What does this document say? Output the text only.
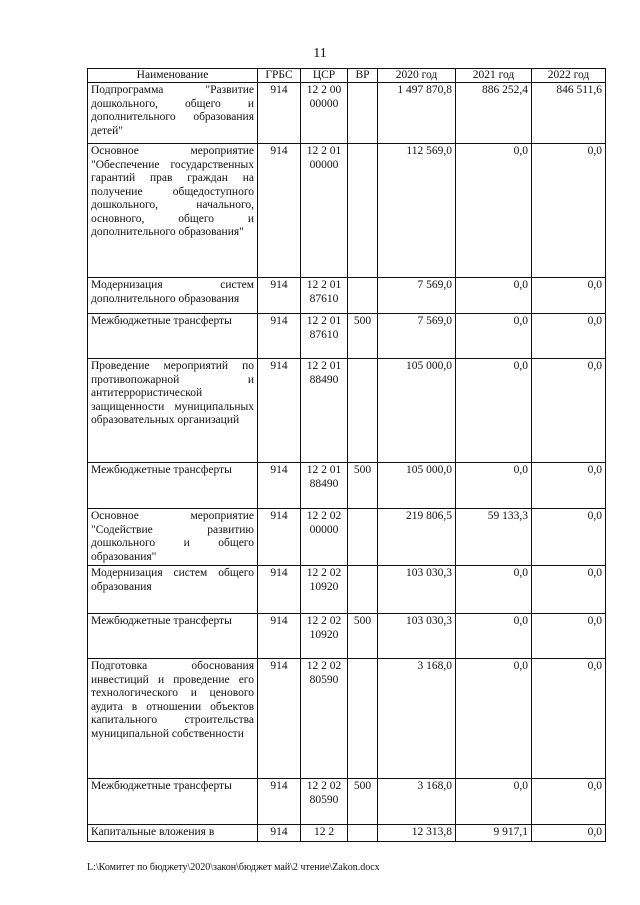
11
Наименование	ГРБС	ЦСР	ВР	2020 год	2021 год	2022 год
Подпрограмма "Развитие дошкольного, общего и дополнительного образования детей"	914	12 2 00 00000		1 497 870,8	886 252,4	846 511,6
Основное мероприятие "Обеспечение государственных гарантий прав граждан на получение общедоступного дошкольного, начального, основного, общего и дополнительного образования"	914	12 2 01 00000		112 569,0	0,0	0,0
Модернизация систем дополнительного образования	914	12 2 01 87610		7 569,0	0,0	0,0
Межбюджетные трансферты	914	12 2 01 87610	500	7 569,0	0,0	0,0
Проведение мероприятий по противопожарной и антитеррористической защищенности муниципальных образовательных организаций	914	12 2 01 88490		105 000,0	0,0	0,0
Межбюджетные трансферты	914	12 2 01 88490	500	105 000,0	0,0	0,0
Основное мероприятие "Содействие развитию дошкольного и общего образования"	914	12 2 02 00000		219 806,5	59 133,3	0,0
Модернизация систем общего образования	914	12 2 02 10920		103 030,3	0,0	0,0
Межбюджетные трансферты	914	12 2 02 10920	500	103 030,3	0,0	0,0
Подготовка обоснования инвестиций и проведение его технологического и ценового аудита в отношении объектов капитального строительства муниципальной собственности	914	12 2 02 80590		3 168,0	0,0	0,0
Межбюджетные трансферты	914	12 2 02 80590	500	3 168,0	0,0	0,0
Капитальные вложения в	914	12 2		12 313,8	9 917,1	0,0
L:\Комитет по бюджету\2020\закон\бюджет май\2 чтение\Zakon.docx
